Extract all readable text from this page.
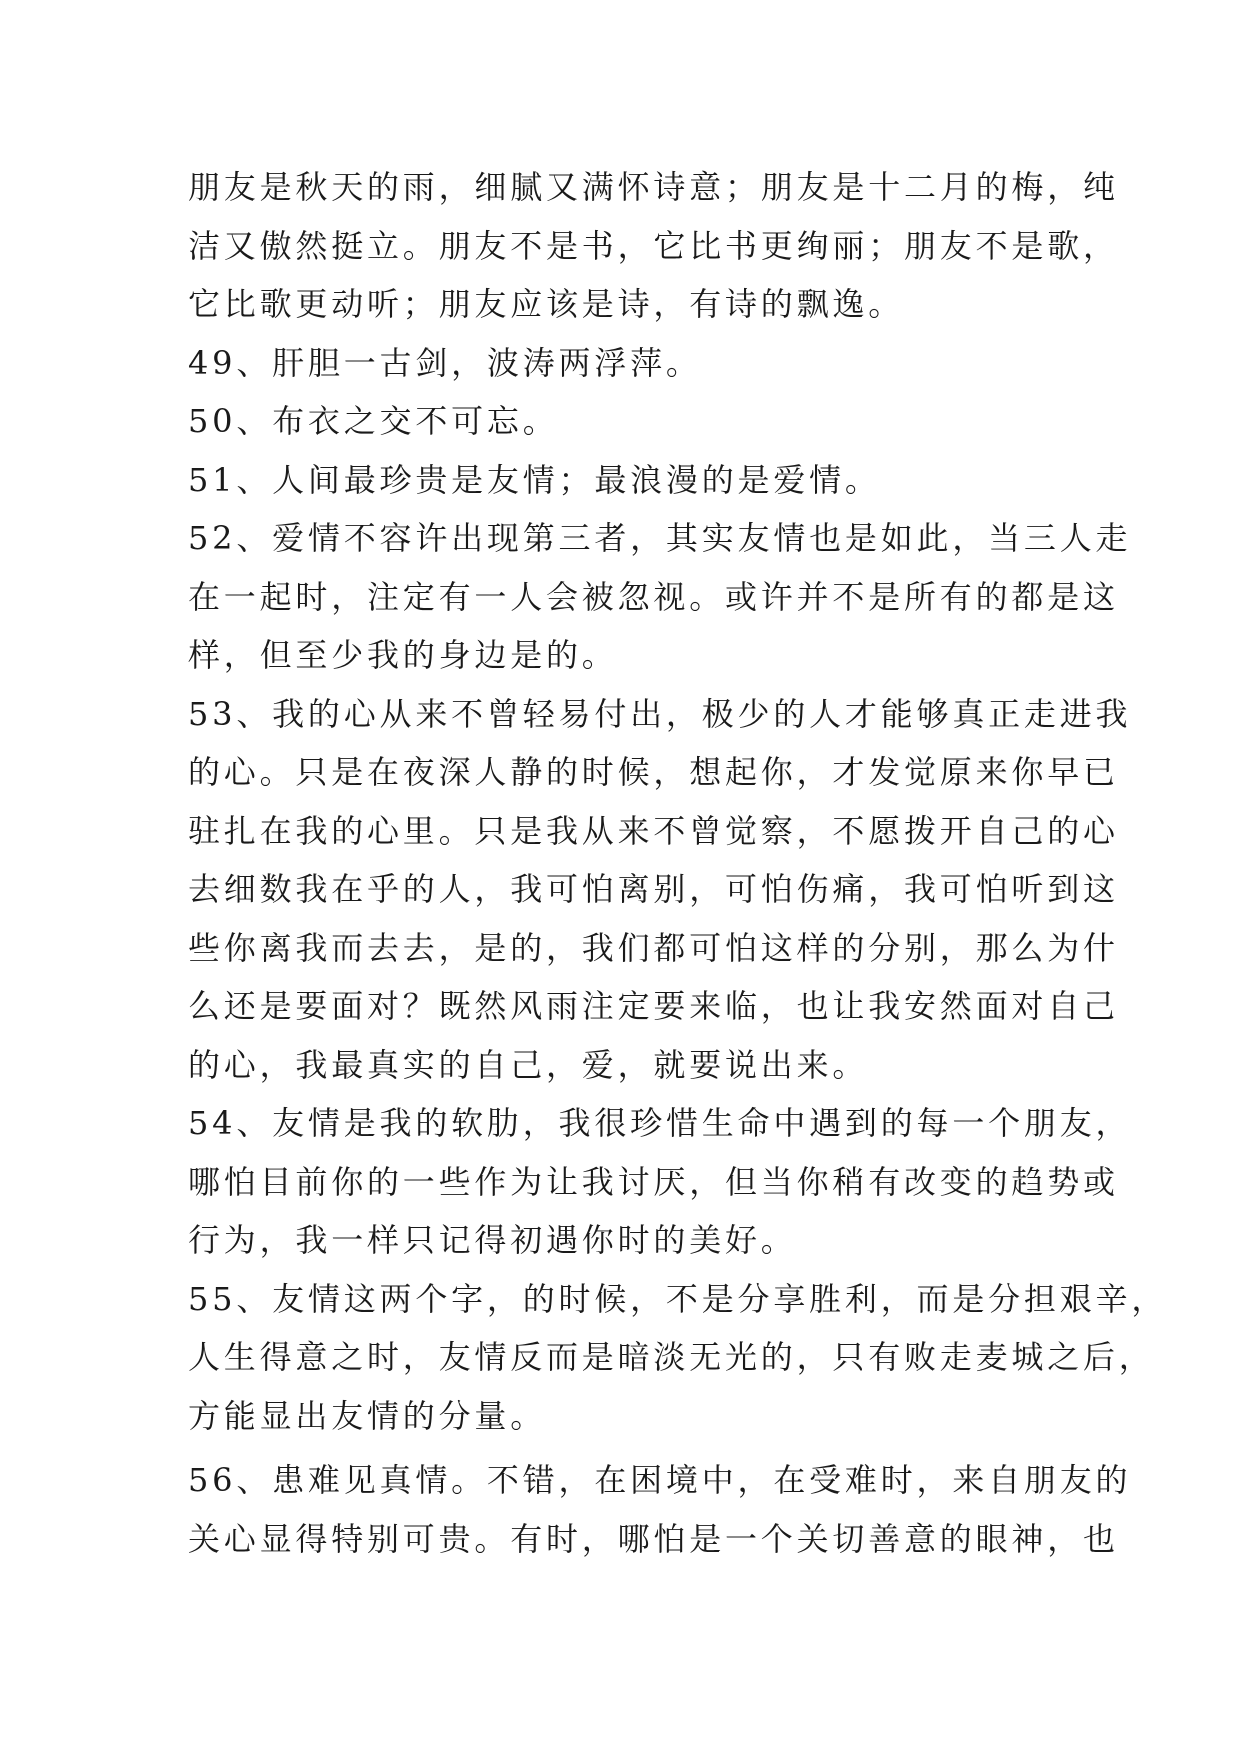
朋友是秋天的雨，细腻又满怀诗意；朋友是十二月的梅，纯
洁又傲然挺立。朋友不是书，它比书更绚丽；朋友不是歌，
它比歌更动听；朋友应该是诗，有诗的飘逸。
49、肝胆一古剑，波涛两浮萍。
50、布衣之交不可忘。
51、人间最珍贵是友情；最浪漫的是爱情。
52、爱情不容许出现第三者，其实友情也是如此，当三人走
在一起时，注定有一人会被忽视。或许并不是所有的都是这
样，但至少我的身边是的。
53、我的心从来不曾轻易付出，极少的人才能够真正走进我
的心。只是在夜深人静的时候，想起你，才发觉原来你早已
驻扎在我的心里。只是我从来不曾觉察，不愿拨开自己的心
去细数我在乎的人，我可怕离别，可怕伤痛，我可怕听到这
些你离我而去去，是的，我们都可怕这样的分别，那么为什
么还是要面对？既然风雨注定要来临，也让我安然面对自己
的心，我最真实的自己，爱，就要说出来。
54、友情是我的软肋，我很珍惜生命中遇到的每一个朋友，
哪怕目前你的一些作为让我讨厌，但当你稍有改变的趋势或
行为，我一样只记得初遇你时的美好。
55、友情这两个字，的时候，不是分享胜利，而是分担艰辛，
人生得意之时，友情反而是暗淡无光的，只有败走麦城之后，
方能显出友情的分量。
56、患难见真情。不错，在困境中，在受难时，来自朋友的
关心显得特别可贵。有时，哪怕是一个关切善意的眼神，也
